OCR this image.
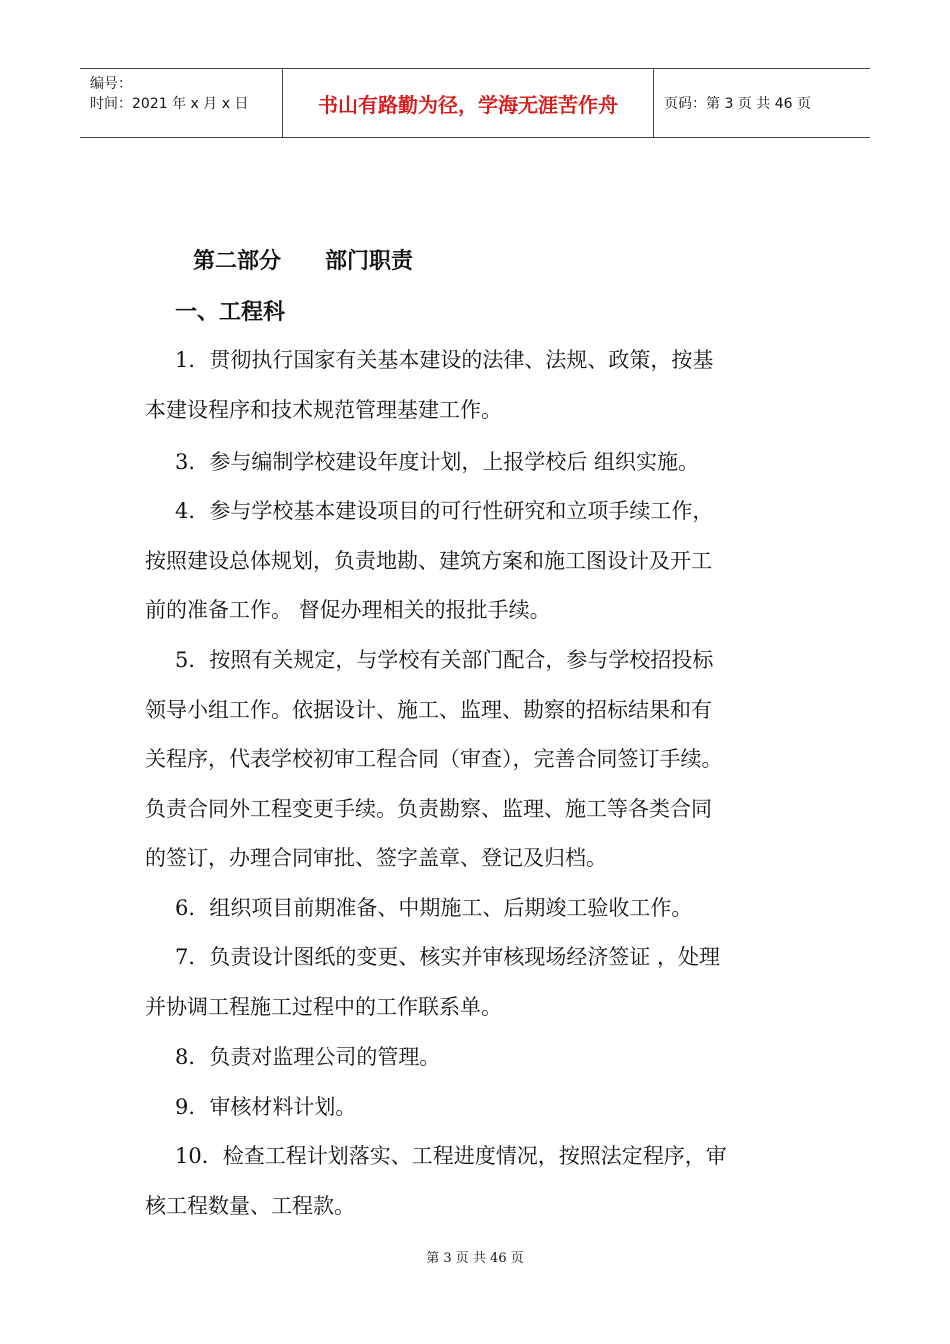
编号：
时间：2021 年 x 月 x 日	书山有路勤为径，学海无涯苦作舟	页码：第 3 页 共 46 页
第二部分　　部门职责
一、工程科
1．贯彻执行国家有关基本建设的法律、法规、政策，按基
本建设程序和技术规范管理基建工作。
3．参与编制学校建设年度计划，上报学校后 组织实施。
4．参与学校基本建设项目的可行性研究和立项手续工作，
按照建设总体规划，负责地勘、建筑方案和施工图设计及开工
前的准备工作。 督促办理相关的报批手续。
5．按照有关规定，与学校有关部门配合，参与学校招投标
领导小组工作。依据设计、施工、监理、勘察的招标结果和有
关程序，代表学校初审工程合同（审查），完善合同签订手续。
负责合同外工程变更手续。负责勘察、监理、施工等各类合同
的签订，办理合同审批、签字盖章、登记及归档。
6．组织项目前期准备、中期施工、后期竣工验收工作。
7．负责设计图纸的变更、核实并审核现场经济签证 ，处理
并协调工程施工过程中的工作联系单。
8．负责对监理公司的管理。
9．审核材料计划。
10．检查工程计划落实、工程进度情况，按照法定程序，审
核工程数量、工程款。
第 3 页 共 46 页
